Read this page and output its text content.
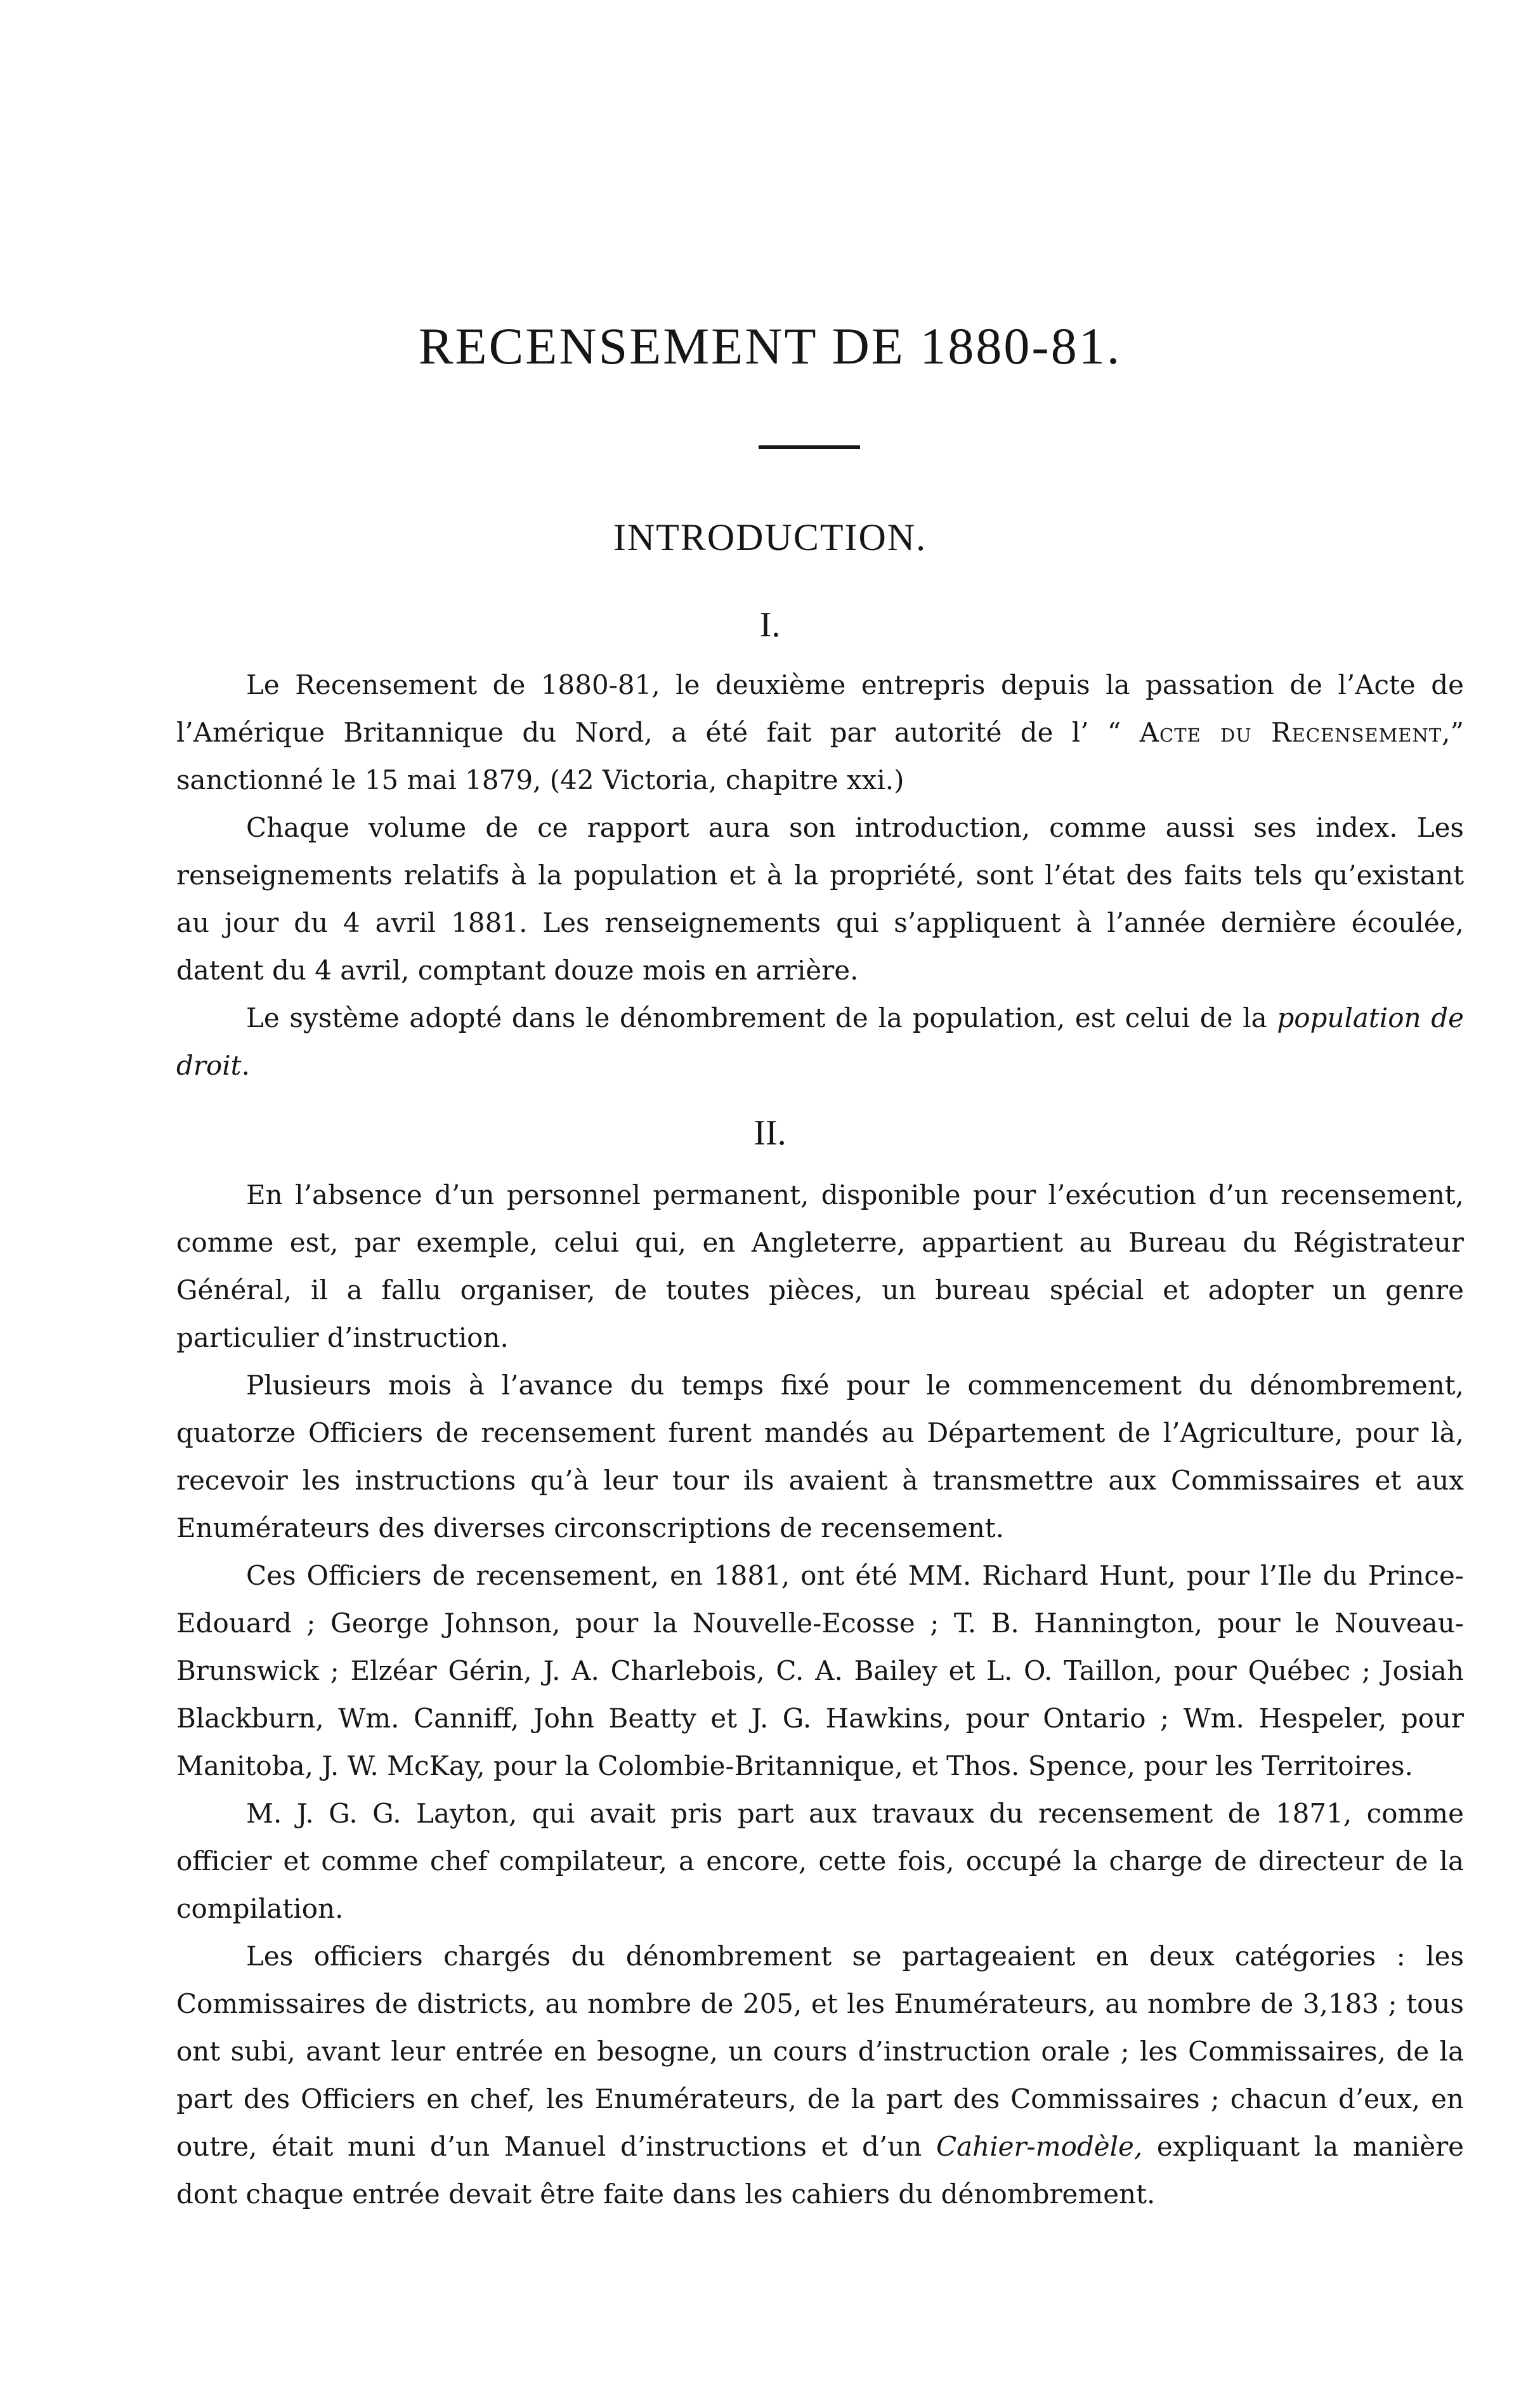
RECENSEMENT DE 1880-81.
INTRODUCTION.
I.

Le Recensement de 1880-81, le deuxième entrepris depuis la passation de l’Acte de l’Amérique Britannique du Nord, a été fait par autorité de l’ “ Acte du Recensement,” sanctionné le 15 mai 1879, (42 Victoria, chapitre xxi.)

Chaque volume de ce rapport aura son introduction, comme aussi ses index. Les renseignements relatifs à la population et à la propriété, sont l’état des faits tels qu’existant au jour du 4 avril 1881. Les renseignements qui s’appliquent à l’année dernière écoulée, datent du 4 avril, comptant douze mois en arrière.

Le système adopté dans le dénombrement de la population, est celui de la population de droit.

II.

En l’absence d’un personnel permanent, disponible pour l’exécution d’un recensement, comme est, par exemple, celui qui, en Angleterre, appartient au Bureau du Régistrateur Général, il a fallu organiser, de toutes pièces, un bureau spécial et adopter un genre particulier d’instruction.

Plusieurs mois à l’avance du temps fixé pour le commencement du dénombrement, quatorze Officiers de recensement furent mandés au Département de l’Agriculture, pour là, recevoir les instructions qu’à leur tour ils avaient à transmettre aux Commissaires et aux Enumérateurs des diverses circonscriptions de recensement.

Ces Officiers de recensement, en 1881, ont été MM. Richard Hunt, pour l’Ile du Prince-Edouard ; George Johnson, pour la Nouvelle-Ecosse ; T. B. Hannington, pour le Nouveau-Brunswick ; Elzéar Gérin, J. A. Charlebois, C. A. Bailey et L. O. Taillon, pour Québec ; Josiah Blackburn, Wm. Canniff, John Beatty et J. G. Hawkins, pour Ontario ; Wm. Hespeler, pour Manitoba, J. W. McKay, pour la Colombie-Britannique, et Thos. Spence, pour les Territoires.

M. J. G. G. Layton, qui avait pris part aux travaux du recensement de 1871, comme officier et comme chef compilateur, a encore, cette fois, occupé la charge de directeur de la compilation.

Les officiers chargés du dénombrement se partageaient en deux catégories : les Commissaires de districts, au nombre de 205, et les Enumérateurs, au nombre de 3,183 ; tous ont subi, avant leur entrée en besogne, un cours d’instruction orale ; les Commissaires, de la part des Officiers en chef, les Enumérateurs, de la part des Commissaires ; chacun d’eux, en outre, était muni d’un Manuel d’instructions et d’un Cahier-modèle, expliquant la manière dont chaque entrée devait être faite dans les cahiers du dénombrement.
